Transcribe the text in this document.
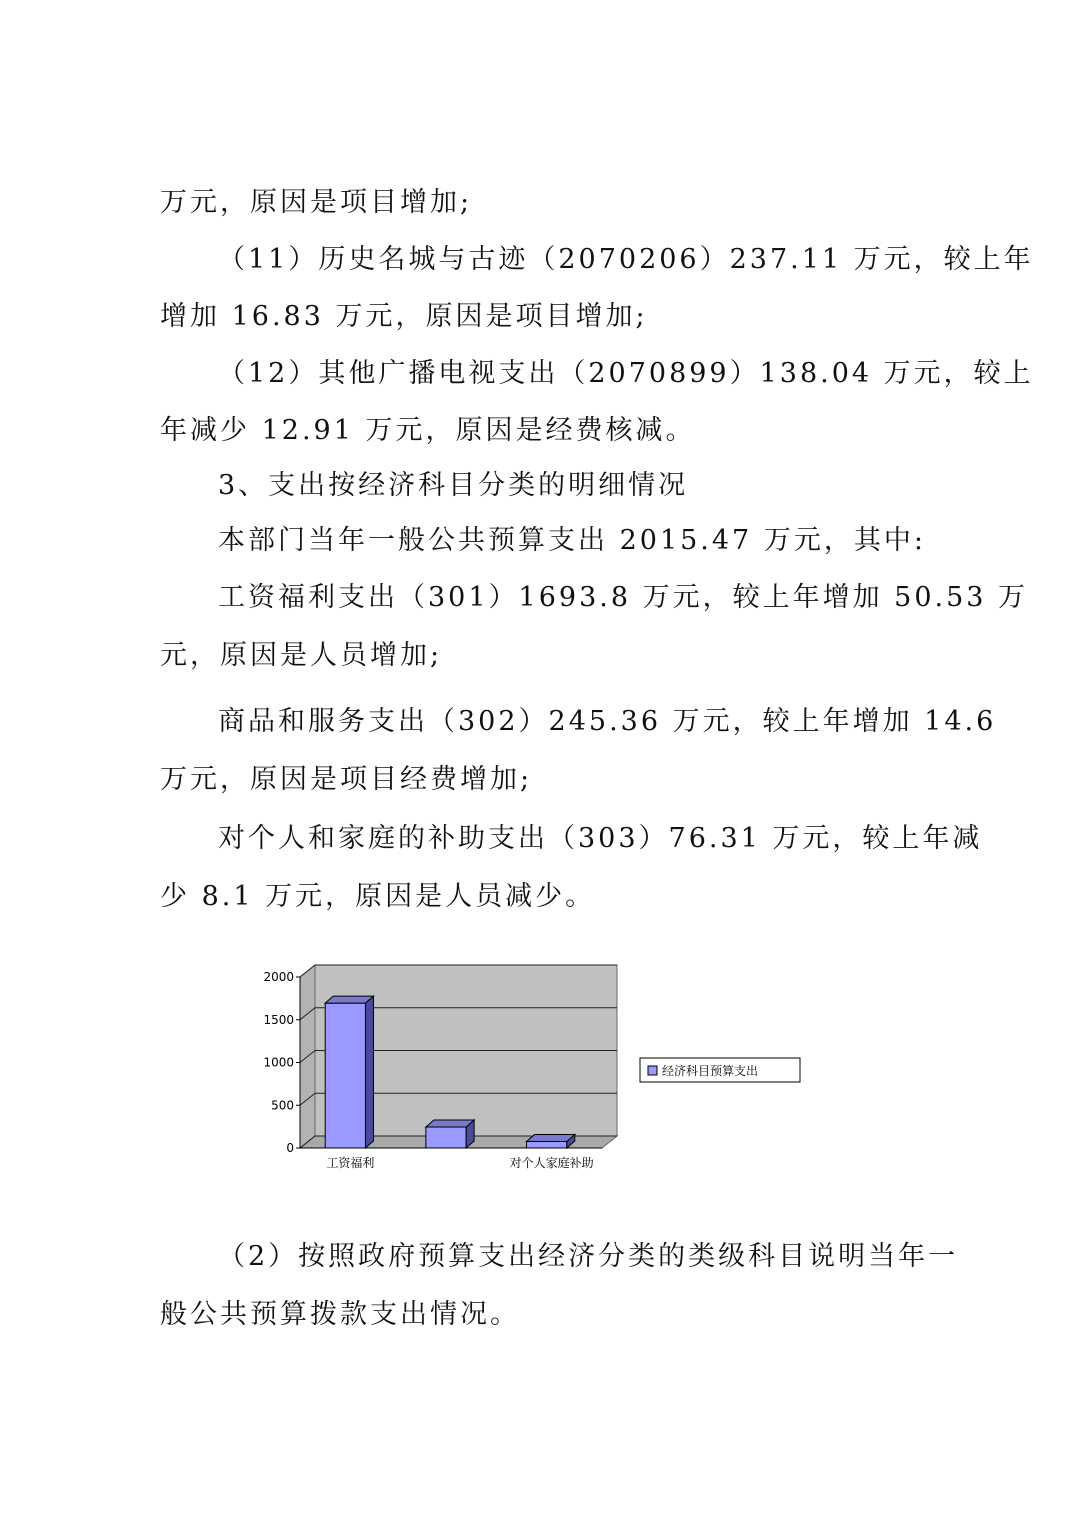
万元，原因是项目增加;
（11）历史名城与古迹（2070206）237.11 万元，较上年
增加 16.83 万元，原因是项目增加;
（12）其他广播电视支出（2070899）138.04 万元，较上
年减少 12.91 万元，原因是经费核减。
3、支出按经济科目分类的明细情况
本部门当年一般公共预算支出 2015.47 万元，其中:
工资福利支出（301）1693.8 万元，较上年增加 50.53 万
元，原因是人员增加;
商品和服务支出（302）245.36 万元，较上年增加 14.6
万元，原因是项目经费增加;
对个人和家庭的补助支出（303）76.31 万元，较上年减
少 8.1 万元，原因是人员减少。
（2）按照政府预算支出经济分类的类级科目说明当年一
般公共预算拨款支出情况。
0
500
1000
1500
2000
工资福利	对个人家庭补助
经济科目预算支出
